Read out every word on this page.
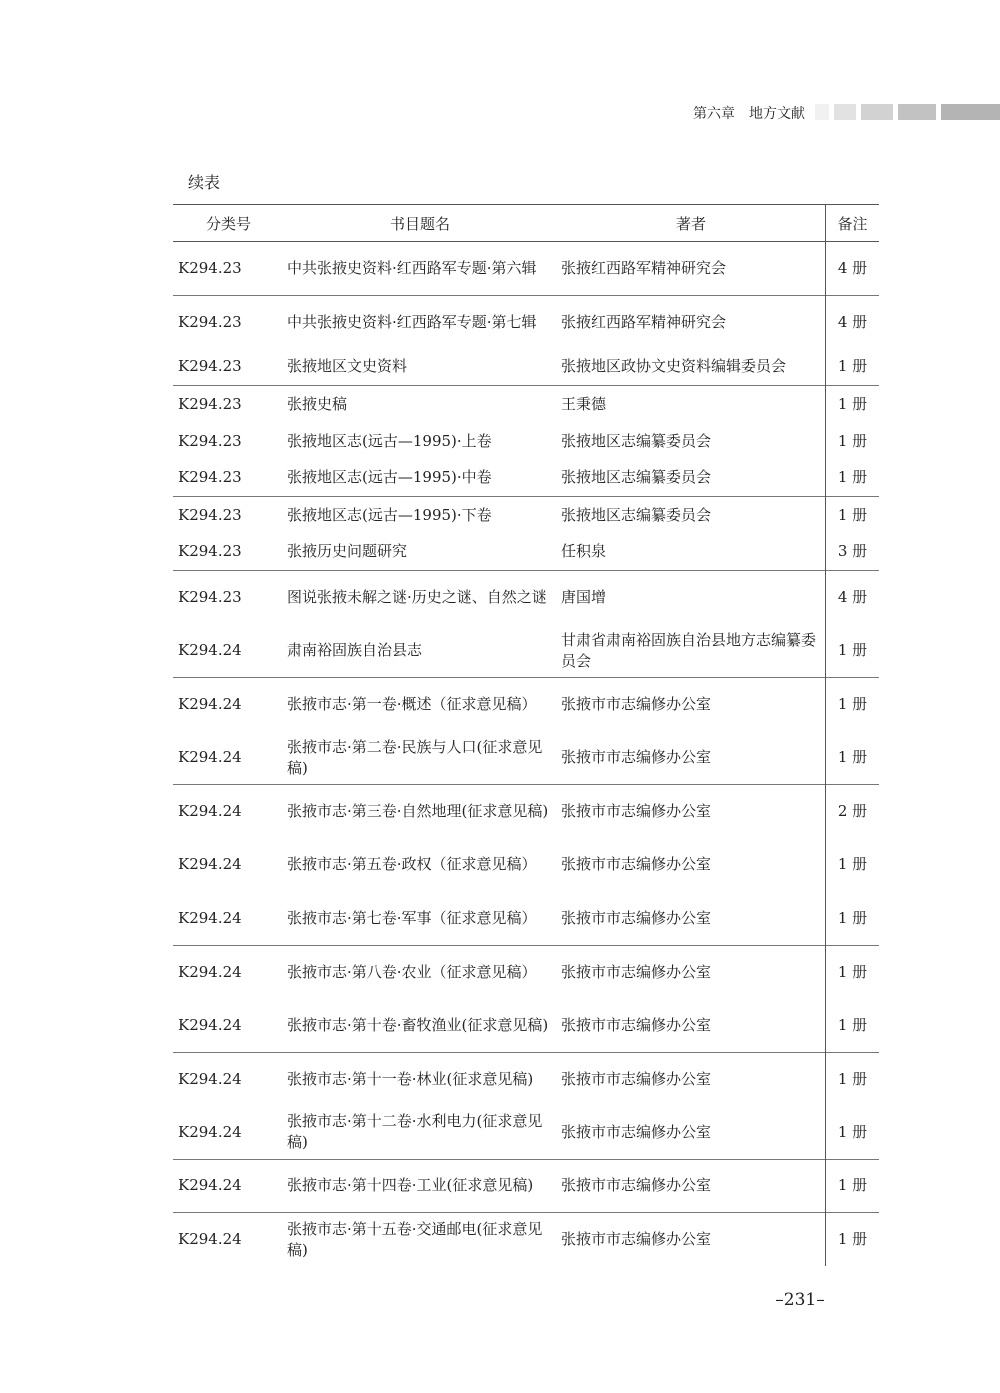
第六章　地方文献
续表
分类号	书目题名	著者	备注
K294.23	中共张掖史资料·红西路军专题·第六辑	张掖红西路军精神研究会	4 册
K294.23	中共张掖史资料·红西路军专题·第七辑	张掖红西路军精神研究会	4 册
K294.23	张掖地区文史资料	张掖地区政协文史资料编辑委员会	1 册
K294.23	张掖史稿	王秉德	1 册
K294.23	张掖地区志(远古—1995)·上卷	张掖地区志编纂委员会	1 册
K294.23	张掖地区志(远古—1995)·中卷	张掖地区志编纂委员会	1 册
K294.23	张掖地区志(远古—1995)·下卷	张掖地区志编纂委员会	1 册
K294.23	张掖历史问题研究	任积泉	3 册
K294.23	图说张掖未解之谜·历史之谜、自然之谜	唐国增	4 册
K294.24	肃南裕固族自治县志	甘肃省肃南裕固族自治县地方志编纂委员会	1 册
K294.24	张掖市志·第一卷·概述（征求意见稿）	张掖市市志编修办公室	1 册
K294.24	张掖市志·第二卷·民族与人口(征求意见稿)	张掖市市志编修办公室	1 册
K294.24	张掖市志·第三卷·自然地理(征求意见稿)	张掖市市志编修办公室	2 册
K294.24	张掖市志·第五卷·政权（征求意见稿）	张掖市市志编修办公室	1 册
K294.24	张掖市志·第七卷·军事（征求意见稿）	张掖市市志编修办公室	1 册
K294.24	张掖市志·第八卷·农业（征求意见稿）	张掖市市志编修办公室	1 册
K294.24	张掖市志·第十卷·畜牧渔业(征求意见稿)	张掖市市志编修办公室	1 册
K294.24	张掖市志·第十一卷·林业(征求意见稿)	张掖市市志编修办公室	1 册
K294.24	张掖市志·第十二卷·水利电力(征求意见稿)	张掖市市志编修办公室	1 册
K294.24	张掖市志·第十四卷·工业(征求意见稿)	张掖市市志编修办公室	1 册
K294.24	张掖市志·第十五卷·交通邮电(征求意见稿)	张掖市市志编修办公室	1 册
–231–
